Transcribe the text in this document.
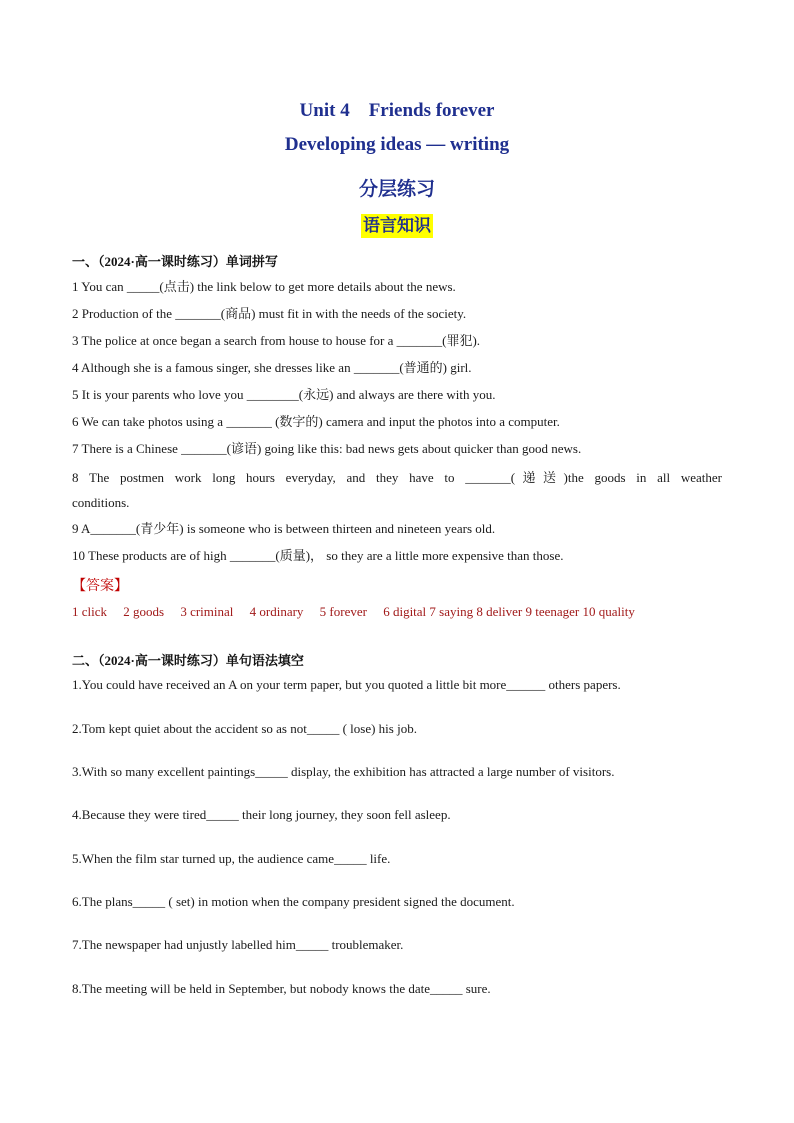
Unit 4　Friends forever
Developing ideas — writing
分层练习
语言知识
一、（2024·高一课时练习）单词拼写
1 You can _____(点击) the link below to get more details about the news.
2 Production of the _______(商品) must fit in with the needs of the society.
3 The police at once began a search from house to house for a _______(罪犯).
4 Although she is a famous singer, she dresses like an _______(普通的) girl.
5 It is your parents who love you ________(永远) and always are there with you.
6 We can take photos using a _______ (数字的) camera and input the photos into a computer.
7 There is a Chinese _______(谚语) going like this: bad news gets about quicker than good news.
8 The postmen work long hours everyday, and they have to _______(递送)the goods in all weather
conditions.
9 A_______(青少年) is someone who is between thirteen and nineteen years old.
10 These products are of high _______(质量)， so they are a little more expensive than those.
【答案】
1 click　 2 goods　 3 criminal　 4 ordinary　 5 forever　 6 digital 7 saying 8 deliver 9 teenager 10 quality
二、（2024·高一课时练习）单句语法填空
1.You could have received an A on your term paper, but you quoted a little bit more______ others papers.
2.Tom kept quiet about the accident so as not_____ ( lose) his job.
3.With so many excellent paintings_____ display, the exhibition has attracted a large number of visitors.
4.Because they were tired_____ their long journey, they soon fell asleep.
5.When the film star turned up, the audience came_____ life.
6.The plans_____ ( set) in motion when the company president signed the document.
7.The newspaper had unjustly labelled him_____ troublemaker.
8.The meeting will be held in September, but nobody knows the date_____ sure.
